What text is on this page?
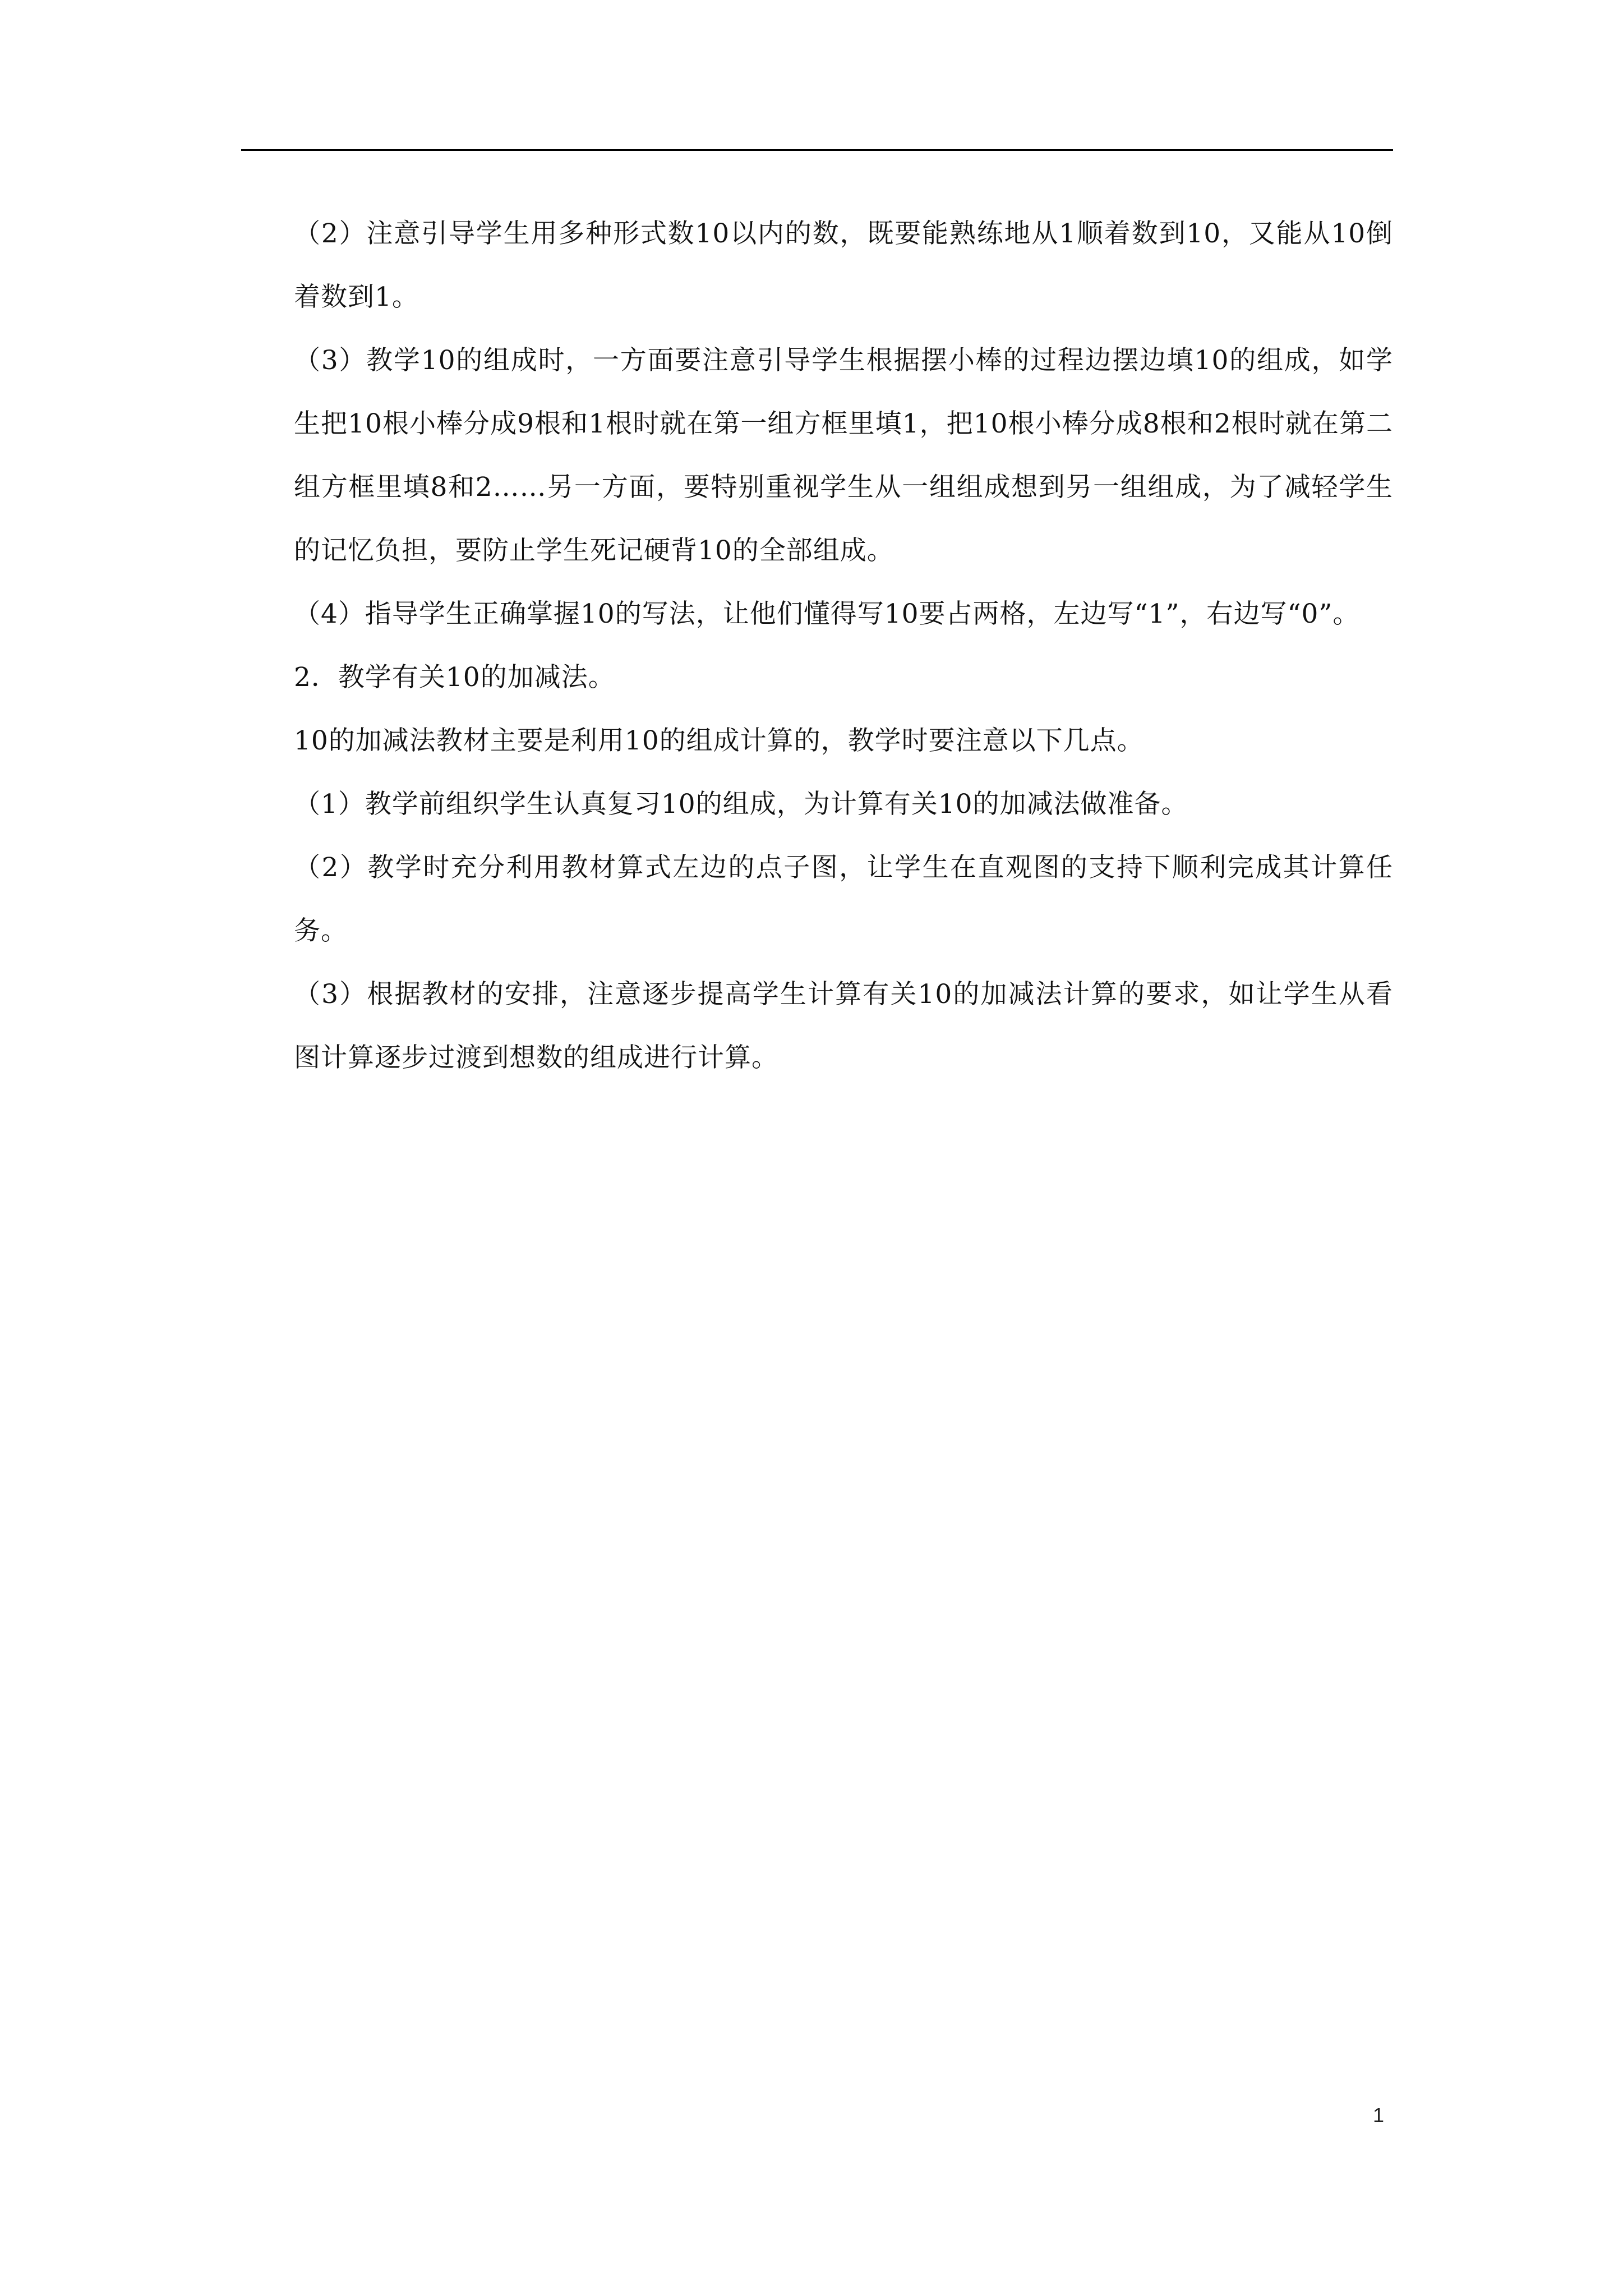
（2）注意引导学生用多种形式数10以内的数，既要能熟练地从1顺着数到10，又能从10倒着数到1。

（3）教学10的组成时，一方面要注意引导学生根据摆小棒的过程边摆边填10的组成，如学生把10根小棒分成9根和1根时就在第一组方框里填1，把10根小棒分成8根和2根时就在第二组方框里填8和2……另一方面，要特别重视学生从一组组成想到另一组组成，为了减轻学生的记忆负担，要防止学生死记硬背10的全部组成。

（4）指导学生正确掌握10的写法，让他们懂得写10要占两格，左边写“1”，右边写“0”。

2．教学有关10的加减法。

10的加减法教材主要是利用10的组成计算的，教学时要注意以下几点。

（1）教学前组织学生认真复习10的组成，为计算有关10的加减法做准备。

（2）教学时充分利用教材算式左边的点子图，让学生在直观图的支持下顺利完成其计算任务。

（3）根据教材的安排，注意逐步提高学生计算有关10的加减法计算的要求，如让学生从看图计算逐步过渡到想数的组成进行计算。

1
